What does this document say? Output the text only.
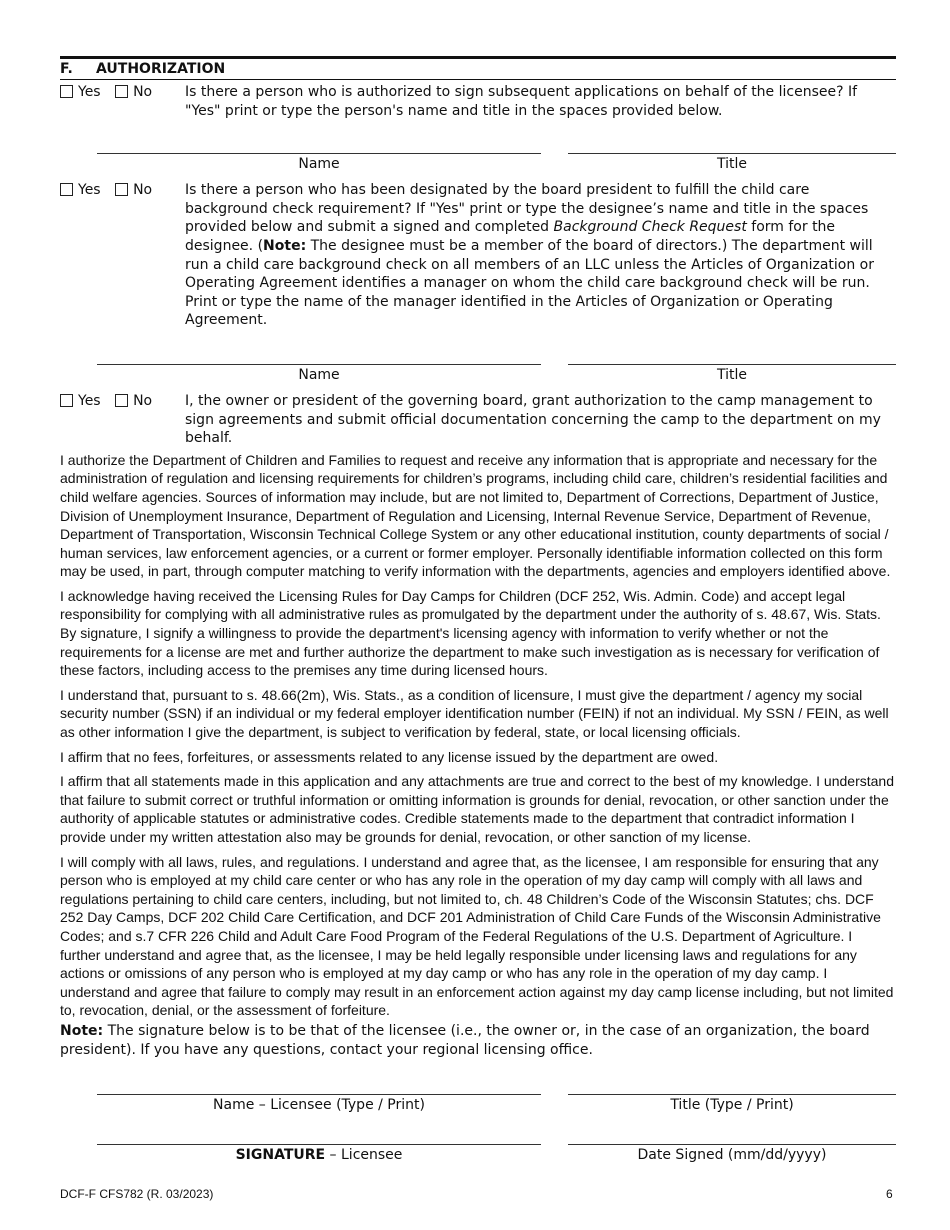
F. AUTHORIZATION
Yes No	Is there a person who is authorized to sign subsequent applications on behalf of the licensee? If "Yes" print or type the person's name and title in the spaces provided below.
Name	Title
Yes No	Is there a person who has been designated by the board president to fulfill the child care background check requirement? If "Yes" print or type the designee’s name and title in the spaces provided below and submit a signed and completed Background Check Request form for the designee. (Note: The designee must be a member of the board of directors.) The department will run a child care background check on all members of an LLC unless the Articles of Organization or Operating Agreement identifies a manager on whom the child care background check will be run. Print or type the name of the manager identified in the Articles of Organization or Operating Agreement.
Name	Title
Yes No	I, the owner or president of the governing board, grant authorization to the camp management to sign agreements and submit official documentation concerning the camp to the department on my behalf.

I authorize the Department of Children and Families to request and receive any information that is appropriate and necessary for the administration of regulation and licensing requirements for children’s programs, including child care, children’s residential facilities and child welfare agencies. Sources of information may include, but are not limited to, Department of Corrections, Department of Justice, Division of Unemployment Insurance, Department of Regulation and Licensing, Internal Revenue Service, Department of Revenue, Department of Transportation, Wisconsin Technical College System or any other educational institution, county departments of social / human services, law enforcement agencies, or a current or former employer. Personally identifiable information collected on this form may be used, in part, through computer matching to verify information with the departments, agencies and employers identified above.

I acknowledge having received the Licensing Rules for Day Camps for Children (DCF 252, Wis. Admin. Code) and accept legal responsibility for complying with all administrative rules as promulgated by the department under the authority of s. 48.67, Wis. Stats. By signature, I signify a willingness to provide the department's licensing agency with information to verify whether or not the requirements for a license are met and further authorize the department to make such investigation as is necessary for verification of these factors, including access to the premises any time during licensed hours.

I understand that, pursuant to s. 48.66(2m), Wis. Stats., as a condition of licensure, I must give the department / agency my social security number (SSN) if an individual or my federal employer identification number (FEIN) if not an individual. My SSN / FEIN, as well as other information I give the department, is subject to verification by federal, state, or local licensing officials.

I affirm that no fees, forfeitures, or assessments related to any license issued by the department are owed.

I affirm that all statements made in this application and any attachments are true and correct to the best of my knowledge. I understand that failure to submit correct or truthful information or omitting information is grounds for denial, revocation, or other sanction under the authority of applicable statutes or administrative codes. Credible statements made to the department that contradict information I provide under my written attestation also may be grounds for denial, revocation, or other sanction of my license.

I will comply with all laws, rules, and regulations. I understand and agree that, as the licensee, I am responsible for ensuring that any person who is employed at my child care center or who has any role in the operation of my day camp will comply with all laws and regulations pertaining to child care centers, including, but not limited to, ch. 48 Children’s Code of the Wisconsin Statutes; chs. DCF 252 Day Camps, DCF 202 Child Care Certification, and DCF 201 Administration of Child Care Funds of the Wisconsin Administrative Codes; and s.7 CFR 226 Child and Adult Care Food Program of the Federal Regulations of the U.S. Department of Agriculture. I further understand and agree that, as the licensee, I may be held legally responsible under licensing laws and regulations for any actions or omissions of any person who is employed at my day camp or who has any role in the operation of my day camp. I understand and agree that failure to comply may result in an enforcement action against my day camp license including, but not limited to, revocation, denial, or the assessment of forfeiture.

Note: The signature below is to be that of the licensee (i.e., the owner or, in the case of an organization, the board president). If you have any questions, contact your regional licensing office.

Name – Licensee (Type / Print)	Title (Type / Print)
SIGNATURE – Licensee	Date Signed (mm/dd/yyyy)
DCF-F CFS782 (R. 03/2023)	6
